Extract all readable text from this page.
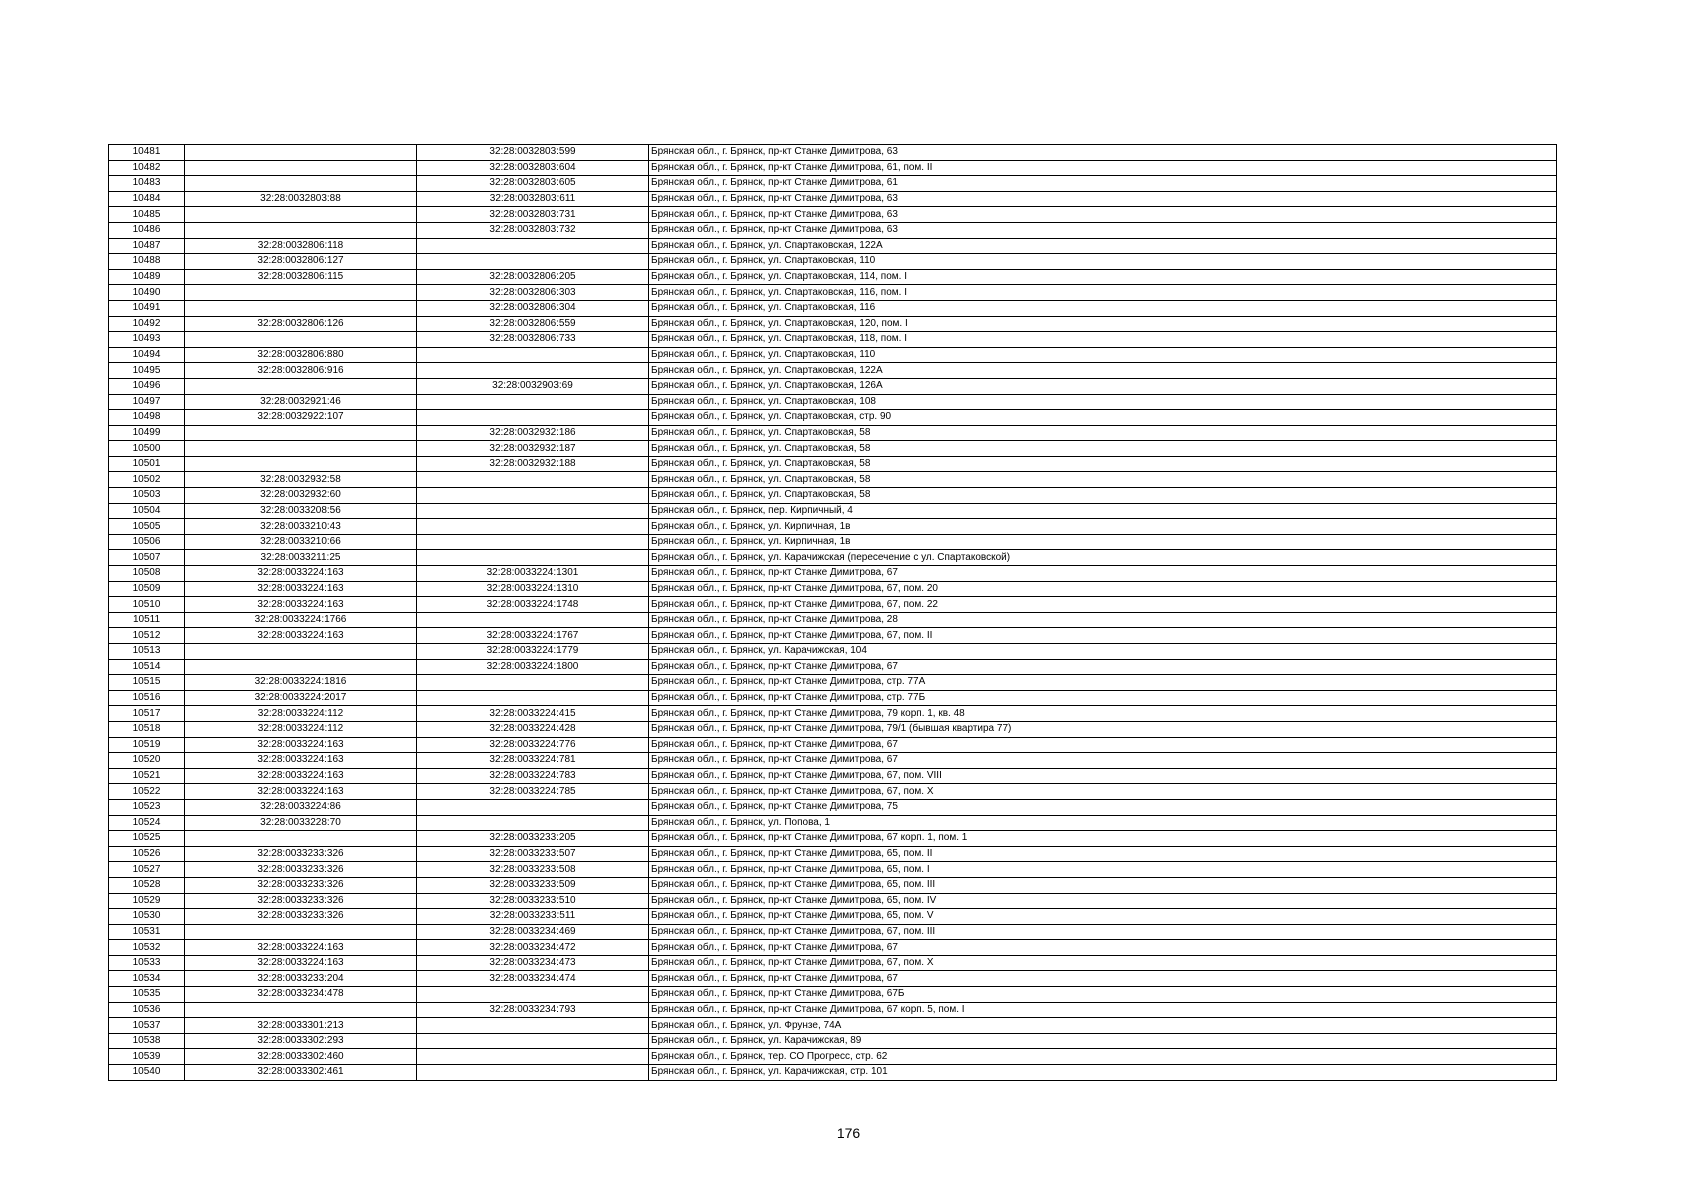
10481		32:28:0032803:599	Брянская обл., г. Брянск, пр-кт Станке Димитрова, 63
10482		32:28:0032803:604	Брянская обл., г. Брянск, пр-кт Станке Димитрова, 61, пом. II
10483		32:28:0032803:605	Брянская обл., г. Брянск, пр-кт Станке Димитрова, 61
10484	32:28:0032803:88	32:28:0032803:611	Брянская обл., г. Брянск, пр-кт Станке Димитрова, 63
10485		32:28:0032803:731	Брянская обл., г. Брянск, пр-кт Станке Димитрова, 63
10486		32:28:0032803:732	Брянская обл., г. Брянск, пр-кт Станке Димитрова, 63
10487	32:28:0032806:118		Брянская обл., г. Брянск, ул. Спартаковская, 122А
10488	32:28:0032806:127		Брянская обл., г. Брянск, ул. Спартаковская, 110
10489	32:28:0032806:115	32:28:0032806:205	Брянская обл., г. Брянск, ул. Спартаковская, 114, пом. I
10490		32:28:0032806:303	Брянская обл., г. Брянск, ул. Спартаковская, 116, пом. I
10491		32:28:0032806:304	Брянская обл., г. Брянск, ул. Спартаковская, 116
10492	32:28:0032806:126	32:28:0032806:559	Брянская обл., г. Брянск, ул. Спартаковская, 120, пом. I
10493		32:28:0032806:733	Брянская обл., г. Брянск, ул. Спартаковская, 118, пом. I
10494	32:28:0032806:880		Брянская обл., г. Брянск, ул. Спартаковская, 110
10495	32:28:0032806:916		Брянская обл., г. Брянск, ул. Спартаковская, 122А
10496		32:28:0032903:69	Брянская обл., г. Брянск, ул. Спартаковская, 126А
10497	32:28:0032921:46		Брянская обл., г. Брянск, ул. Спартаковская, 108
10498	32:28:0032922:107		Брянская обл., г. Брянск, ул. Спартаковская, стр. 90
10499		32:28:0032932:186	Брянская обл., г. Брянск, ул. Спартаковская, 58
10500		32:28:0032932:187	Брянская обл., г. Брянск, ул. Спартаковская, 58
10501		32:28:0032932:188	Брянская обл., г. Брянск, ул. Спартаковская, 58
10502	32:28:0032932:58		Брянская обл., г. Брянск, ул. Спартаковская, 58
10503	32:28:0032932:60		Брянская обл., г. Брянск, ул. Спартаковская, 58
10504	32:28:0033208:56		Брянская обл., г. Брянск, пер. Кирпичный, 4
10505	32:28:0033210:43		Брянская обл., г. Брянск, ул. Кирпичная, 1в
10506	32:28:0033210:66		Брянская обл., г. Брянск, ул. Кирпичная, 1в
10507	32:28:0033211:25		Брянская обл., г. Брянск, ул. Карачижская (пересечение с ул. Спартаковской)
10508	32:28:0033224:163	32:28:0033224:1301	Брянская обл., г. Брянск, пр-кт Станке Димитрова, 67
10509	32:28:0033224:163	32:28:0033224:1310	Брянская обл., г. Брянск, пр-кт Станке Димитрова, 67, пом. 20
10510	32:28:0033224:163	32:28:0033224:1748	Брянская обл., г. Брянск, пр-кт Станке Димитрова, 67, пом. 22
10511	32:28:0033224:1766		Брянская обл., г. Брянск, пр-кт Станке Димитрова, 28
10512	32:28:0033224:163	32:28:0033224:1767	Брянская обл., г. Брянск, пр-кт Станке Димитрова, 67, пом. II
10513		32:28:0033224:1779	Брянская обл., г. Брянск, ул. Карачижская, 104
10514		32:28:0033224:1800	Брянская обл., г. Брянск, пр-кт Станке Димитрова, 67
10515	32:28:0033224:1816		Брянская обл., г. Брянск, пр-кт Станке Димитрова, стр. 77А
10516	32:28:0033224:2017		Брянская обл., г. Брянск, пр-кт Станке Димитрова, стр. 77Б
10517	32:28:0033224:112	32:28:0033224:415	Брянская обл., г. Брянск, пр-кт Станке Димитрова, 79 корп. 1, кв. 48
10518	32:28:0033224:112	32:28:0033224:428	Брянская обл., г. Брянск, пр-кт Станке Димитрова, 79/1 (бывшая квартира 77)
10519	32:28:0033224:163	32:28:0033224:776	Брянская обл., г. Брянск, пр-кт Станке Димитрова, 67
10520	32:28:0033224:163	32:28:0033224:781	Брянская обл., г. Брянск, пр-кт Станке Димитрова, 67
10521	32:28:0033224:163	32:28:0033224:783	Брянская обл., г. Брянск, пр-кт Станке Димитрова, 67, пом. VIII
10522	32:28:0033224:163	32:28:0033224:785	Брянская обл., г. Брянск, пр-кт Станке Димитрова, 67, пом. X
10523	32:28:0033224:86		Брянская обл., г. Брянск, пр-кт Станке Димитрова, 75
10524	32:28:0033228:70		Брянская обл., г. Брянск, ул. Попова, 1
10525		32:28:0033233:205	Брянская обл., г. Брянск, пр-кт Станке Димитрова, 67 корп. 1, пом. 1
10526	32:28:0033233:326	32:28:0033233:507	Брянская обл., г. Брянск, пр-кт Станке Димитрова, 65, пом. II
10527	32:28:0033233:326	32:28:0033233:508	Брянская обл., г. Брянск, пр-кт Станке Димитрова, 65, пом. I
10528	32:28:0033233:326	32:28:0033233:509	Брянская обл., г. Брянск, пр-кт Станке Димитрова, 65, пом. III
10529	32:28:0033233:326	32:28:0033233:510	Брянская обл., г. Брянск, пр-кт Станке Димитрова, 65, пом. IV
10530	32:28:0033233:326	32:28:0033233:511	Брянская обл., г. Брянск, пр-кт Станке Димитрова, 65, пом. V
10531		32:28:0033234:469	Брянская обл., г. Брянск, пр-кт Станке Димитрова, 67, пом. III
10532	32:28:0033224:163	32:28:0033234:472	Брянская обл., г. Брянск, пр-кт Станке Димитрова, 67
10533	32:28:0033224:163	32:28:0033234:473	Брянская обл., г. Брянск, пр-кт Станке Димитрова, 67, пом. X
10534	32:28:0033233:204	32:28:0033234:474	Брянская обл., г. Брянск, пр-кт Станке Димитрова, 67
10535	32:28:0033234:478		Брянская обл., г. Брянск, пр-кт Станке Димитрова, 67Б
10536		32:28:0033234:793	Брянская обл., г. Брянск, пр-кт Станке Димитрова, 67 корп. 5, пом. I
10537	32:28:0033301:213		Брянская обл., г. Брянск, ул. Фрунзе, 74А
10538	32:28:0033302:293		Брянская обл., г. Брянск, ул. Карачижская, 89
10539	32:28:0033302:460		Брянская обл., г. Брянск, тер. СО Прогресс, стр. 62
10540	32:28:0033302:461		Брянская обл., г. Брянск, ул. Карачижская, стр. 101
176
